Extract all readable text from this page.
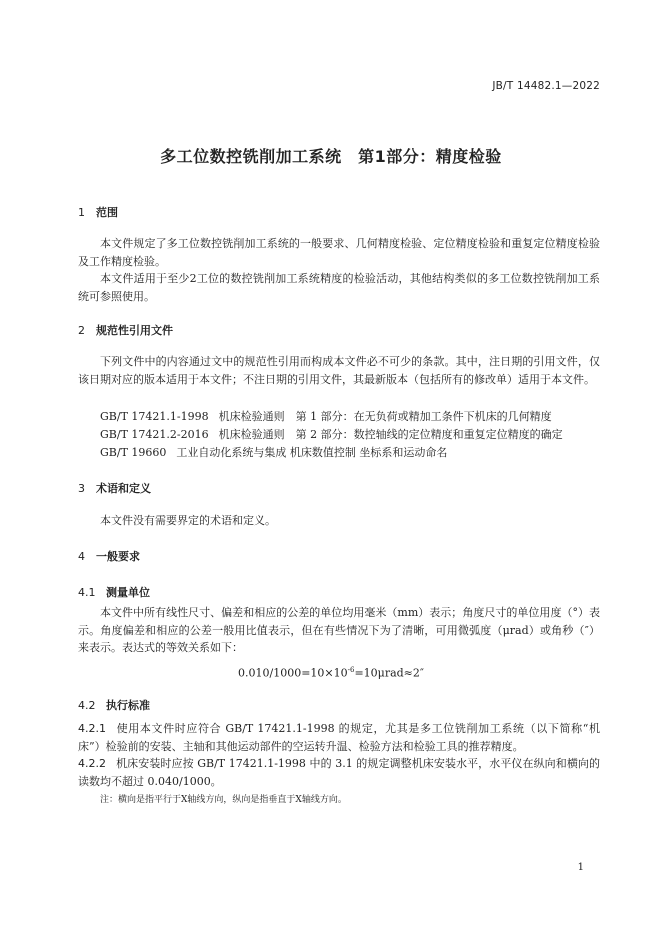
JB/T 14482.1—2022
多工位数控铣削加工系统　第1部分：精度检验
1 范围
本文件规定了多工位数控铣削加工系统的一般要求、几何精度检验、定位精度检验和重复定位精度检验及工作精度检验。
本文件适用于至少2工位的数控铣削加工系统精度的检验活动，其他结构类似的多工位数控铣削加工系统可参照使用。
2 规范性引用文件
下列文件中的内容通过文中的规范性引用而构成本文件必不可少的条款。其中，注日期的引用文件，仅该日期对应的版本适用于本文件；不注日期的引用文件，其最新版本（包括所有的修改单）适用于本文件。
GB/T 17421.1-1998 机床检验通则　第 1 部分：在无负荷或精加工条件下机床的几何精度
GB/T 17421.2-2016 机床检验通则　第 2 部分：数控轴线的定位精度和重复定位精度的确定
GB/T 19660 工业自动化系统与集成 机床数值控制 坐标系和运动命名
3 术语和定义
本文件没有需要界定的术语和定义。
4 一般要求
4.1 测量单位
本文件中所有线性尺寸、偏差和相应的公差的单位均用毫米（mm）表示；角度尺寸的单位用度（°）表示。角度偏差和相应的公差一般用比值表示，但在有些情况下为了清晰，可用微弧度（μrad）或角秒（″）来表示。表达式的等效关系如下：
$0.010/1000=10\times 10^{-6}=10\mu rad\approx 2''$
4.2 执行标准
4.2.1 使用本文件时应符合 GB/T 17421.1-1998 的规定，尤其是多工位铣削加工系统（以下简称“机床”）检验前的安装、主轴和其他运动部件的空运转升温、检验方法和检验工具的推荐精度。
4.2.2 机床安装时应按 GB/T 17421.1-1998 中的 3.1 的规定调整机床安装水平，水平仪在纵向和横向的读数均不超过 0.040/1000。
注：横向是指平行于X轴线方向，纵向是指垂直于X轴线方向。
1
